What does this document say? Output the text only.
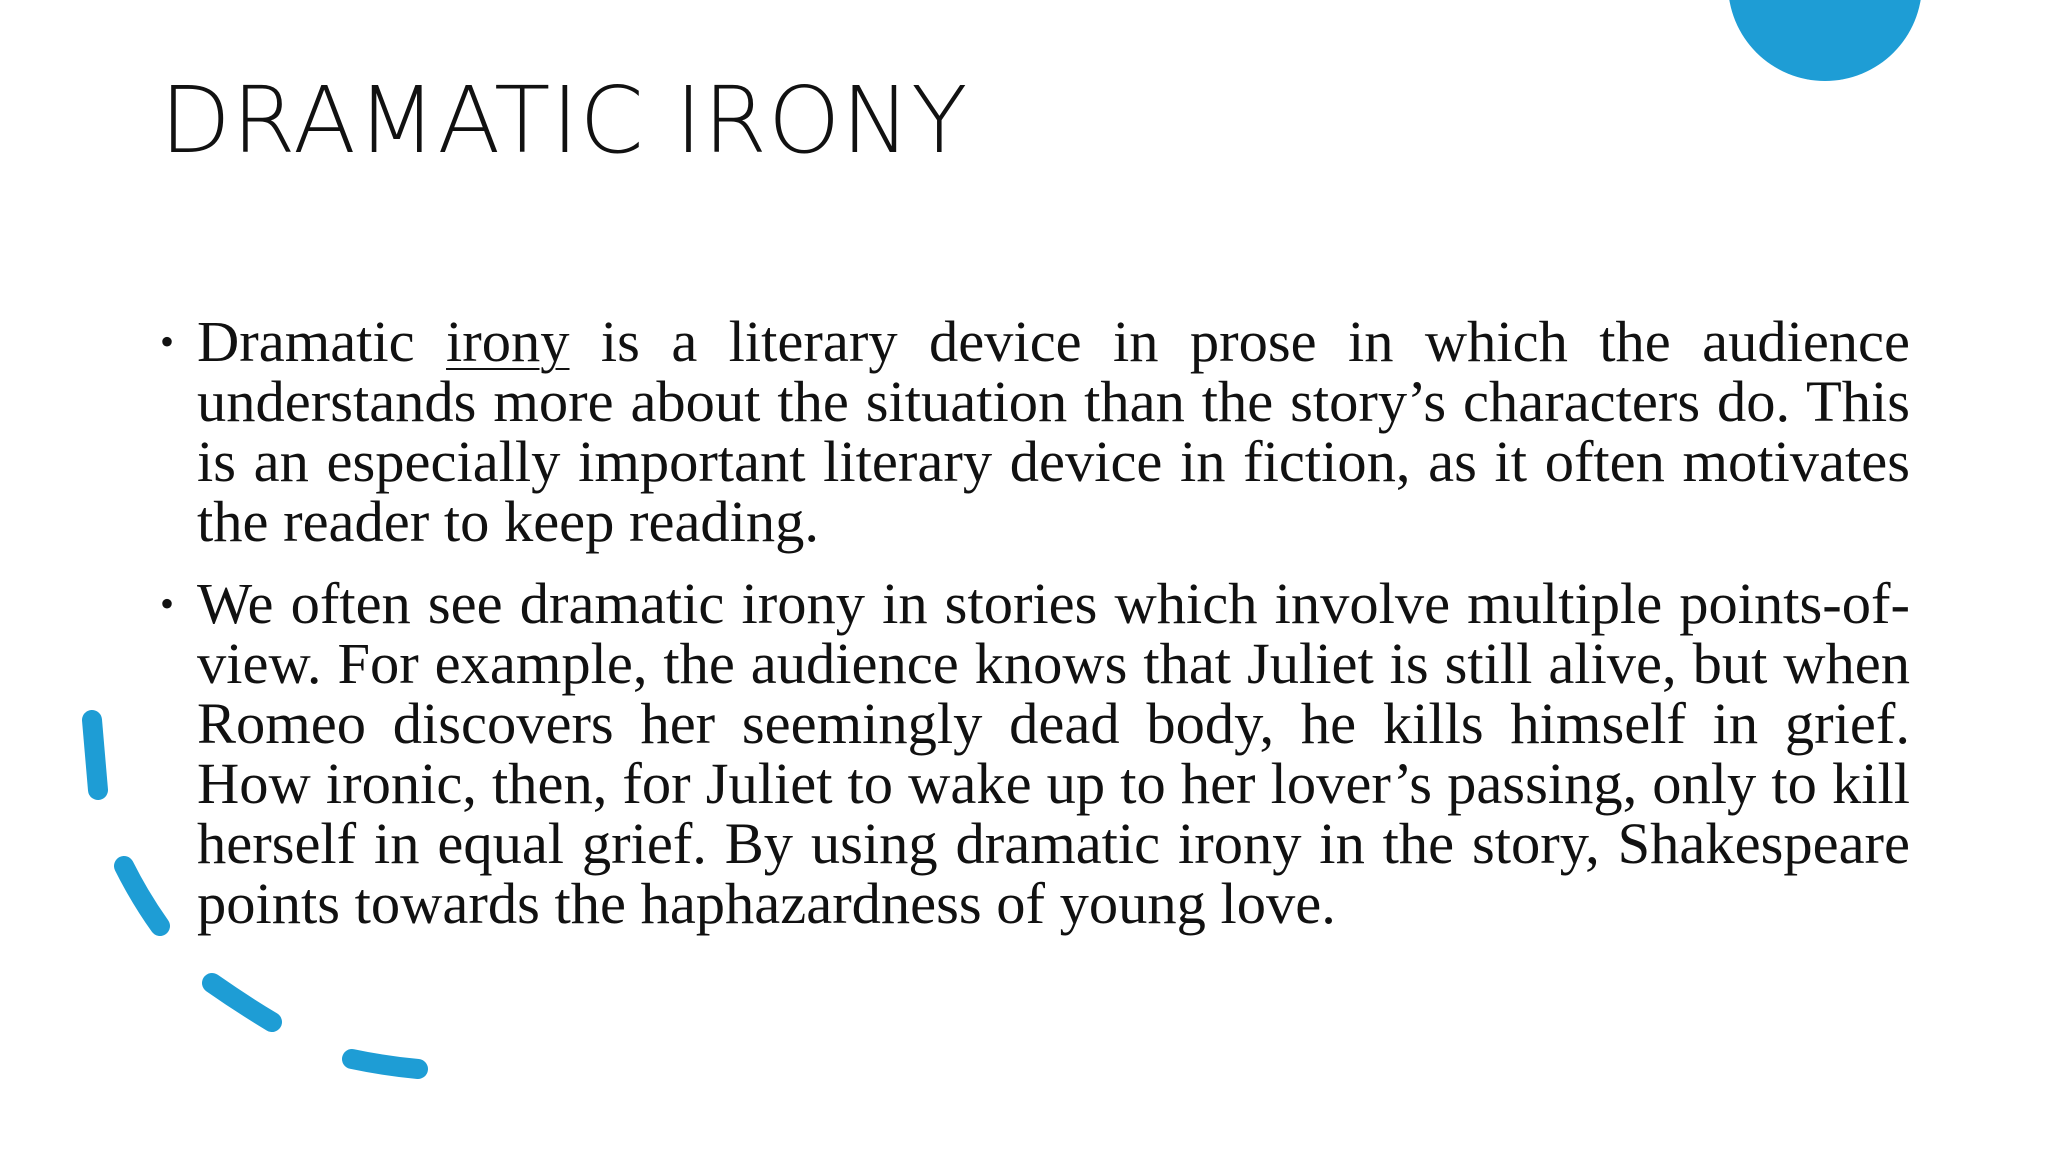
DRAMATIC IRONY
• Dramatic irony is a literary device in prose in which the audience understands more about the situation than the story’s characters do. This is an especially important literary device in fiction, as it often motivates the reader to keep reading.
• We often see dramatic irony in stories which involve multiple points-of-view. For example, the audience knows that Juliet is still alive, but when Romeo discovers her seemingly dead body, he kills himself in grief. How ironic, then, for Juliet to wake up to her lover’s passing, only to kill herself in equal grief. By using dramatic irony in the story, Shakespeare points towards the haphazardness of young love.
